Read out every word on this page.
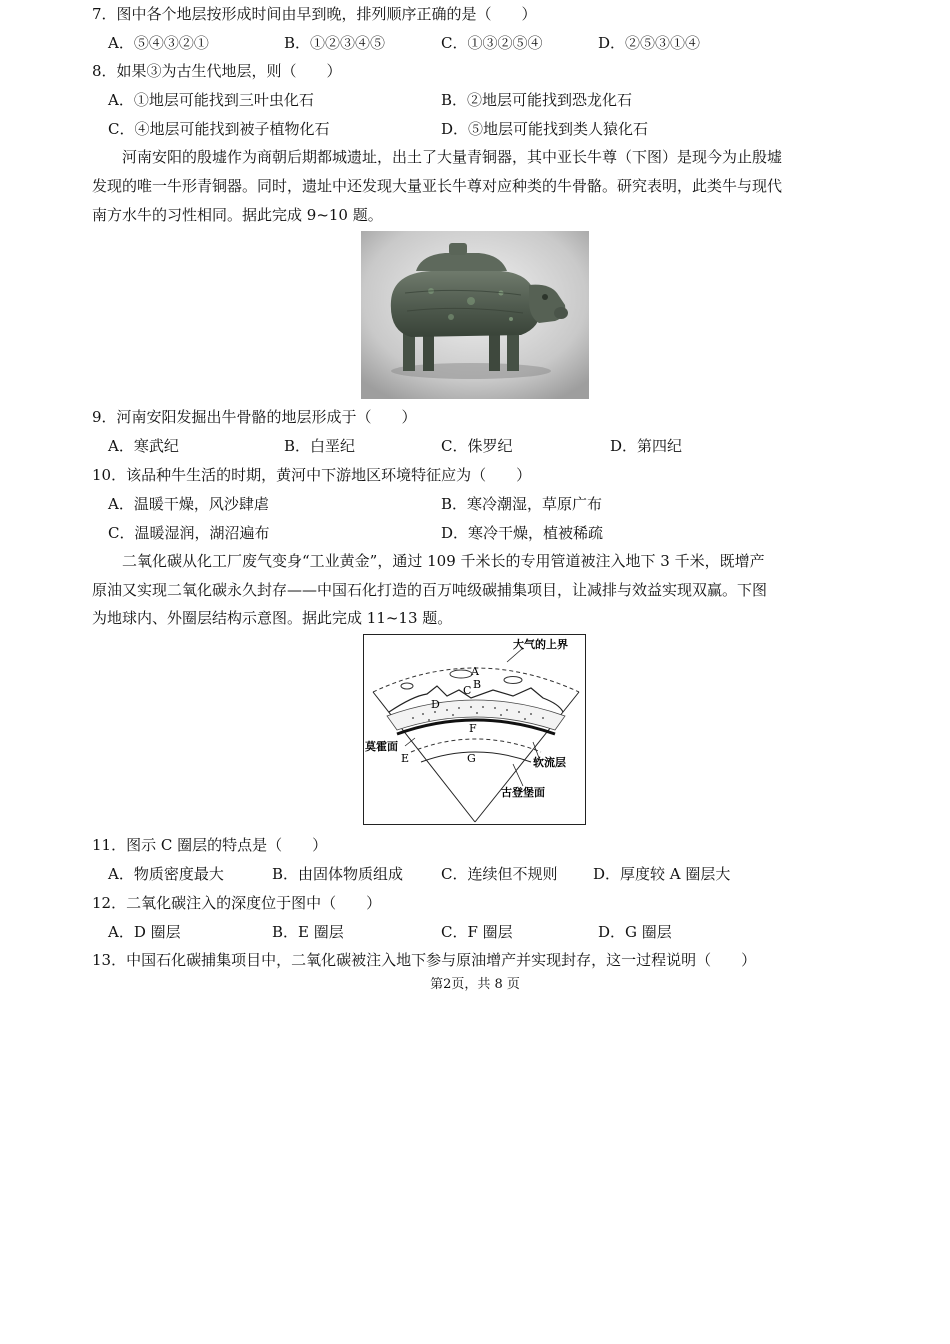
7．图中各个地层按形成时间由早到晚，排列顺序正确的是（　　）
A．⑤④③②①	B．①②③④⑤	C．①③②⑤④	D．②⑤③①④
8．如果③为古生代地层，则（　　）
A．①地层可能找到三叶虫化石	B．②地层可能找到恐龙化石
C．④地层可能找到被子植物化石	D．⑤地层可能找到类人猿化石
河南安阳的殷墟作为商朝后期都城遗址，出土了大量青铜器，其中亚长牛尊（下图）是现今为止殷墟
发现的唯一牛形青铜器。同时，遗址中还发现大量亚长牛尊对应种类的牛骨骼。研究表明，此类牛与现代
南方水牛的习性相同。据此完成 9~10 题。
9．河南安阳发掘出牛骨骼的地层形成于（　　）
A．寒武纪	B．白垩纪	C．侏罗纪	D．第四纪
10．该品种牛生活的时期，黄河中下游地区环境特征应为（　　）
A．温暖干燥，风沙肆虐	B．寒冷潮湿，草原广布
C．温暖湿润，湖沼遍布	D．寒冷干燥，植被稀疏
二氧化碳从化工厂废气变身“工业黄金”，通过 109 千米长的专用管道被注入地下 3 千米，既增产
原油又实现二氧化碳永久封存——中国石化打造的百万吨级碳捕集项目，让减排与效益实现双赢。下图
为地球内、外圈层结构示意图。据此完成 11~13 题。
大气的上界
A
B
C
D
E
F
G
莫霍面
软流层
古登堡面
11．图示 C 圈层的特点是（　　）
A．物质密度最大	B．由固体物质组成	C．连续但不规则 D．厚度较 A 圈层大
12．二氧化碳注入的深度位于图中（　　）
A．D 圈层	B．E 圈层	C．F 圈层	D．G 圈层
13．中国石化碳捕集项目中，二氧化碳被注入地下参与原油增产并实现封存，这一过程说明（　　）
第2页，共 8 页
